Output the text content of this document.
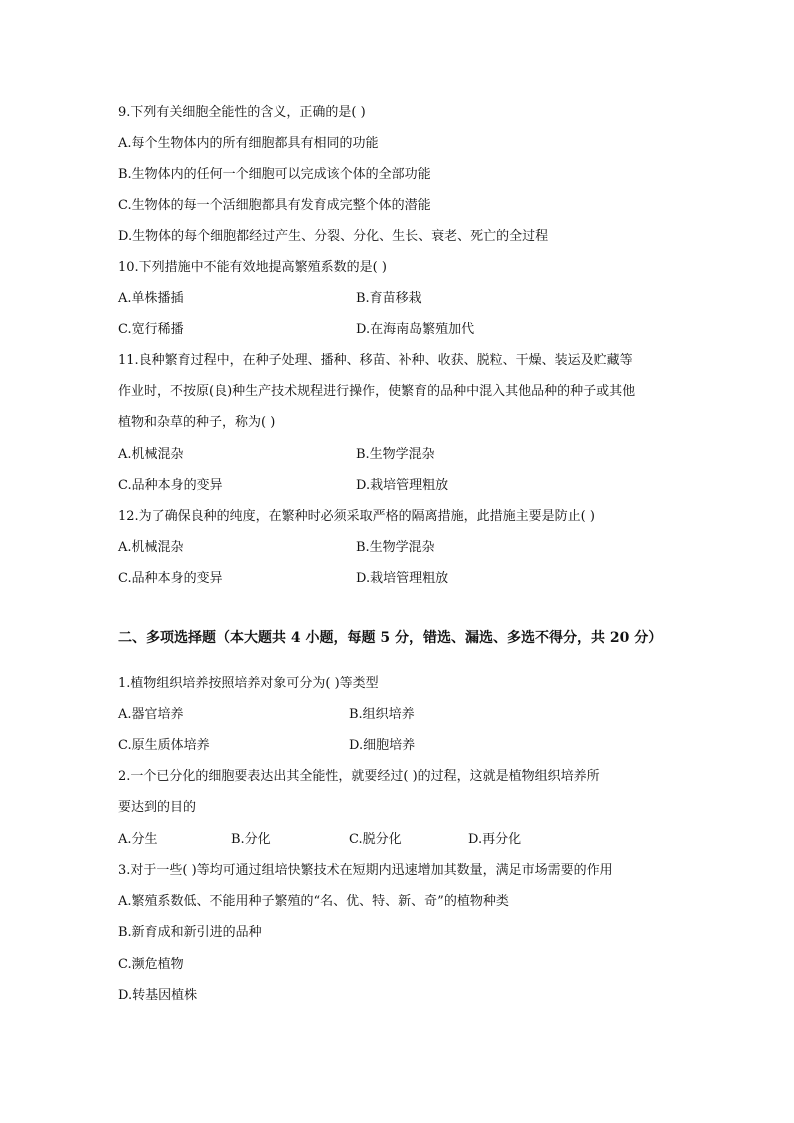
9.下列有关细胞全能性的含义，正确的是( )
A.每个生物体内的所有细胞都具有相同的功能
B.生物体内的任何一个细胞可以完成该个体的全部功能
C.生物体的每一个活细胞都具有发育成完整个体的潜能
D.生物体的每个细胞都经过产生、分裂、分化、生长、衰老、死亡的全过程
10.下列措施中不能有效地提高繁殖系数的是( )
A.单株播插	B.育苗移栽
C.宽行稀播	D.在海南岛繁殖加代
11.良种繁育过程中，在种子处理、播种、移苗、补种、收获、脱粒、干燥、装运及贮藏等
作业时，不按原(良)种生产技术规程进行操作，使繁育的品种中混入其他品种的种子或其他
植物和杂草的种子，称为( )
A.机械混杂	B.生物学混杂
C.品种本身的变异	D.栽培管理粗放
12.为了确保良种的纯度，在繁种时必须采取严格的隔离措施，此措施主要是防止( )
A.机械混杂	B.生物学混杂
C.品种本身的变异	D.栽培管理粗放
二、多项选择题（本大题共 4 小题，每题 5 分，错选、漏选、多选不得分，共 20 分）
1.植物组织培养按照培养对象可分为( )等类型
A.器官培养	B.组织培养
C.原生质体培养	D.细胞培养
2.一个已分化的细胞要表达出其全能性，就要经过( )的过程，这就是植物组织培养所
要达到的目的
A.分生	B.分化	C.脱分化	D.再分化
3.对于一些( )等均可通过组培快繁技术在短期内迅速增加其数量，满足市场需要的作用
A.繁殖系数低、不能用种子繁殖的“名、优、特、新、奇”的植物种类
B.新育成和新引进的品种
C.濒危植物
D.转基因植株
